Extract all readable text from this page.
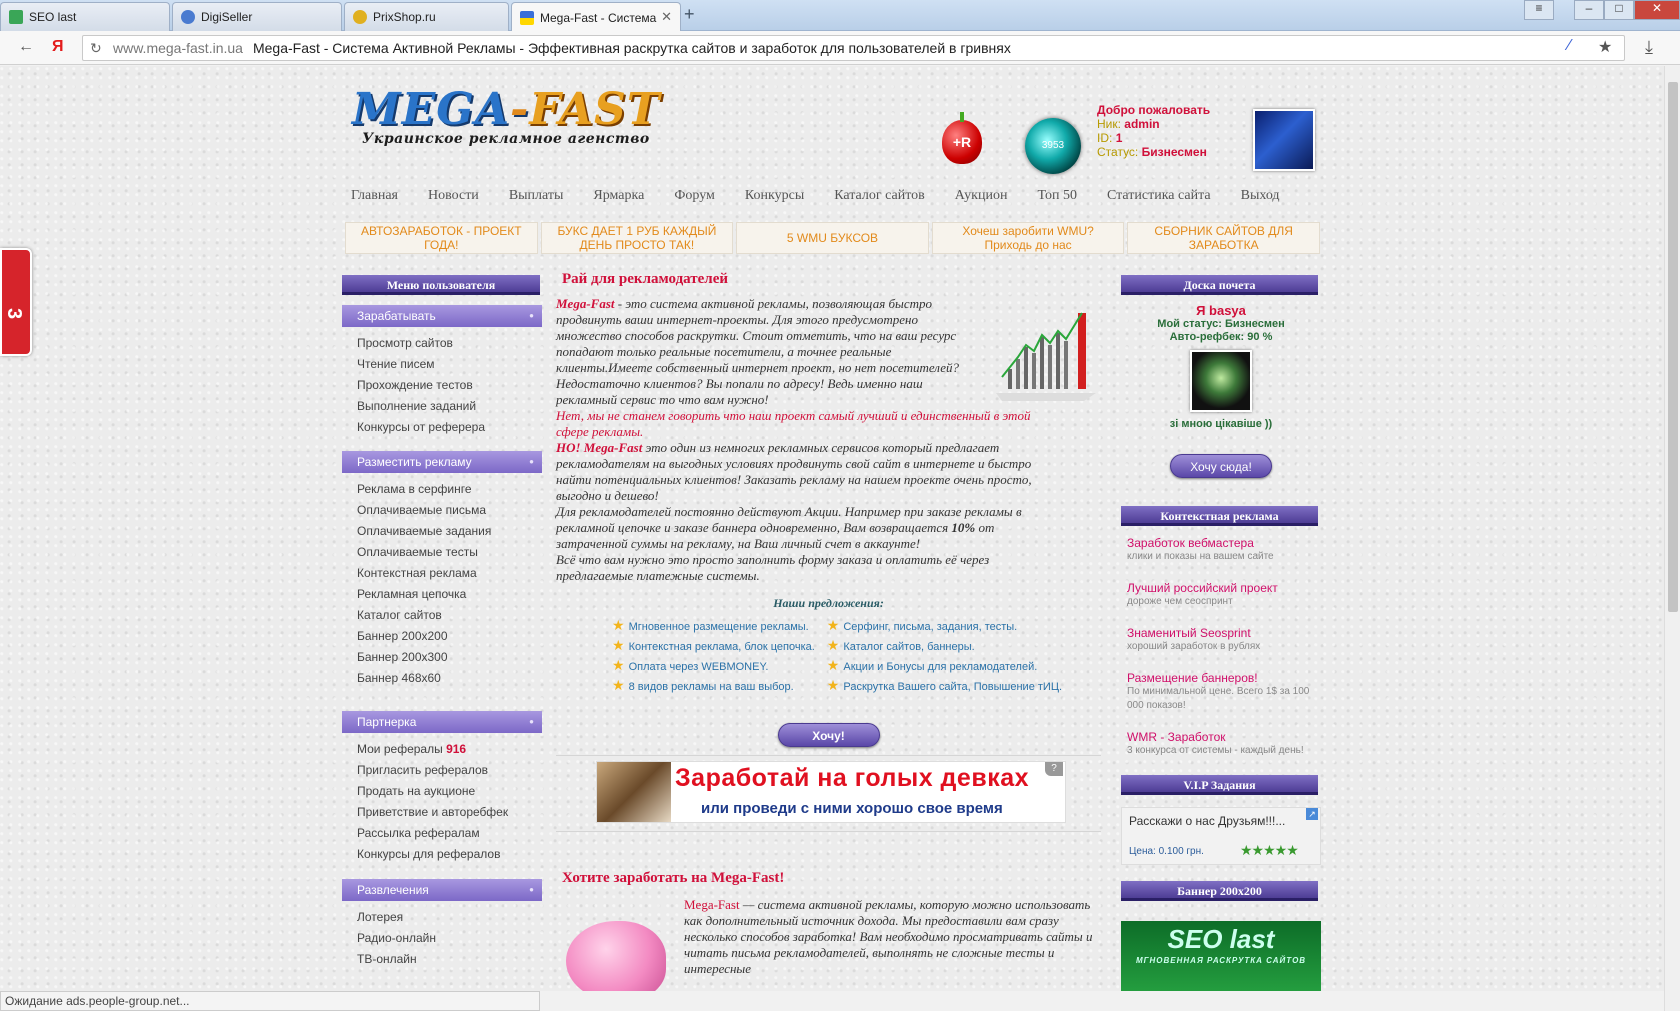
SEO last	DigiSeller	PrixShop.ru	Mega-Fast - Система ✕ +	≡	–	□	✕
← Я	www.mega-fast.in.ua Mega-Fast - Система Активной Рекламы - Эффективная раскрутка сайтов и заработок для пользователей в гривнях
↻	⁄ ★ ⤓
3
MEGA-FAST
Украинское рекламное агенство	+R	3953
Добро пожаловать
Ник: admin
ID: 1
Статус: Бизнесмен
Главная Новости Выплаты Ярмарка Форум Конкурсы Каталог сайтов Аукцион Топ 50 Статистика сайта Выход
АВТОЗАРАБОТОК - ПРОЕКТ ГОДА!
БУКС ДАЕТ 1 РУБ КАЖДЫЙ ДЕНЬ ПРОСТО ТАК!	5 WMU БУКСОВ	Хочеш заробити WMU? Приходь до нас
СБОРНИК САЙТОВ ДЛЯ ЗАРАБОТКА
Меню пользователя
Зарабатывать ●
Просмотр сайтов
Чтение писем
Прохождение тестов
Выполнение заданий
Конкурсы от реферера
Разместить рекламу ●
Реклама в серфинге
Оплачиваемые письма
Оплачиваемые задания
Оплачиваемые тесты
Контекстная реклама
Рекламная цепочка
Каталог сайтов
Баннер 200x200
Баннер 200x300
Баннер 468x60
Партнерка ●
Мои рефералы 916
Пригласить рефералов
Продать на аукционе
Приветствие и авторебфек
Рассылка рефералам
Конкурсы для рефералов
Развлечения ●
Лотерея
Радио-онлайн
ТВ-онлайн
Рай для рекламодателей
Mega-Fast - это система активной рекламы, позволяющая быстро продвинуть ваши интернет-проекты. Для этого предусмотрено множество способов раскрутки. Стоит отметить, что на ваш ресурс попадают только реальные посетители, а точнее реальные клиенты.Имеете собственный интернет проект, но нет посетителей? Недостаточно клиентов? Вы попали по адресу! Ведь именно наш рекламный сервис то что вам нужно!
Нет, мы не станем говорить что наш проект самый лучший и единственный в этой сфере рекламы.
НО! Mega-Fast это один из немногих рекламных сервисов который предлагает рекламодателям на выгодных условиях продвинуть свой сайт в интернете и быстро найти потенциальных клиентов! Заказать рекламу на нашем проекте очень просто, выгодно и дешево!
Для рекламодателей постоянно действуют Акции. Например при заказе рекламы в рекламной цепочке и заказе баннера одновременно, Вам возвращается 10% от затраченной суммы на рекламу, на Ваш личный счет в аккаунте!
Всё что вам нужно это просто заполнить форму заказа и оплатить её через предлагаемые платежные системы.
Наши предложения:
★ Мгновенное размещение рекламы.
★ Контекстная реклама, блок цепочка.
★ Оплата через WEBMONEY.
★ 8 видов рекламы на ваш выбор.
★ Серфинг, письма, задания, тесты.
★ Каталог сайтов, баннеры.
★ Акции и Бонусы для рекламодателей.
★ Раскрутка Вашего сайта, Повышение тИЦ.
Хочу!
Заработай на голых девках
или проведи с ними хорошо свое время
?
Хотите заработать на Mega-Fast!
Mega-Fast — система активной рекламы, которую можно использовать как дополнительный источник дохода. Мы предоставили вам сразу несколько способов заработка! Вам необходимо просматривать сайты и читать письма рекламодателей, выполнять не сложные тесты и интересные
Доска почета
Я basya
Мой статус: Бизнесмен
Авто-рефбек: 90 %
зі мною цікавіше ))
Хочу сюда!
Контекстная реклама
Заработок вебмастера
клики и показы на вашем сайте
Лучший российский проект
дороже чем сеоспринт
Знаменитый Seosprint
хороший заработок в рублях
Размещение баннеров!
По минимальной цене. Всего 1$ за 100 000 показов!
WMR - Заработок
3 конкурса от системы - каждый день!
V.I.P Задания
Расскажи о нас Друзьям!!!...
Цена: 0.100 грн.	★★★★★
↗
Баннер 200x200
SEO last
МГНОВЕННАЯ РАСКРУТКА САЙТОВ
Ожидание ads.people-group.net...
